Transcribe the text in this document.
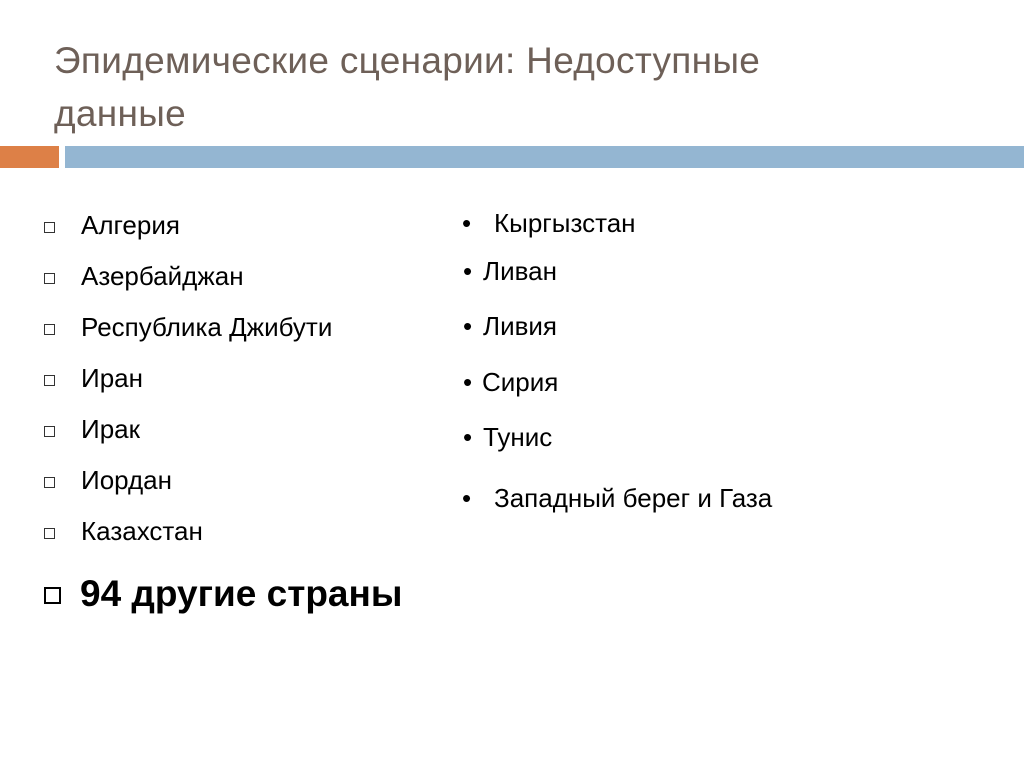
Эпидемические сценарии: Недоступные
данные
Алгерия
Азербайджан
Республика Джибути
Иран
Ирак
Иордан
Казахстан
94 другие страны
• Кыргызстан
• Ливан
• Ливия
• Сирия
• Тунис
• Западный берег и Газа
